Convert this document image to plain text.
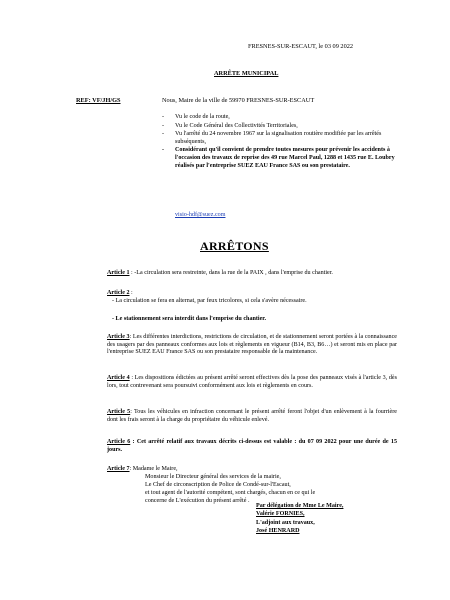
FRESNES-SUR-ESCAUT, le 03 09 2022
ARRÊTE MUNICIPAL
REF: VF/JH/GS	Nous, Maire de la ville de 59970 FRESNES-SUR-ESCAUT
- Vu le code de la route,
- Vu le Code Général des Collectivités Territoriales,
- Vu l'arrêté du 24 novembre 1967 sur la signalisation routière modifiée par les arrêtés subséquents,
- Considérant qu'il convient de prendre toutes mesures pour prévenir les accidents à l'occasion des travaux de reprise des 49 rue Marcel Paul, 1288 et 1435 rue E. Loubry réalisés par l'entreprise SUEZ EAU France SAS ou son prestataire.
visio-hdf@suez.com
ARRÊTONS
Article 1 : -La circulation sera restreinte, dans la rue de la PAIX , dans l'emprise du chantier.
Article 2 :
- La circulation se fera en alternat, par feux tricolores, si cela s'avère nécessaire.
- Le stationnement sera interdit dans l'emprise du chantier.
Article 3: Les différentes interdictions, restrictions de circulation, et de stationnement seront portées à la connaissance des usagers par des panneaux conformes aux lois et règlements en vigueur (B14, B3, B6…) et seront mis en place par l'entreprise SUEZ EAU France SAS ou son prestataire responsable de la maintenance.
Article 4 : Les dispositions édictées au présent arrêté seront effectives dès la pose des panneaux visés à l'article 3, dès lors, tout contrevenant sera poursuivi conformément aux lois et règlements en cours.
Article 5: Tous les véhicules en infraction concernant le présent arrêté feront l'objet d'un enlèvement à la fourrière dont les frais seront à la charge du propriétaire du véhicule enlevé.
Article 6 : Cet arrêté relatif aux travaux décrits ci-dessus est valable : du 07 09 2022 pour une durée de 15 jours.
Article 7: Madame le Maire,
Monsieur le Directeur général des services de la mairie,
Le Chef de circonscription de Police de Condé-sur-l'Escaut,
et tout agent de l'autorité compétent, sont chargés, chacun en ce qui le
concerne de L'exécution du présent arrêté .
Par délégation de Mme Le Maire,
Valérie FORNIES,
L'adjoint aux travaux,
José HENRARD
